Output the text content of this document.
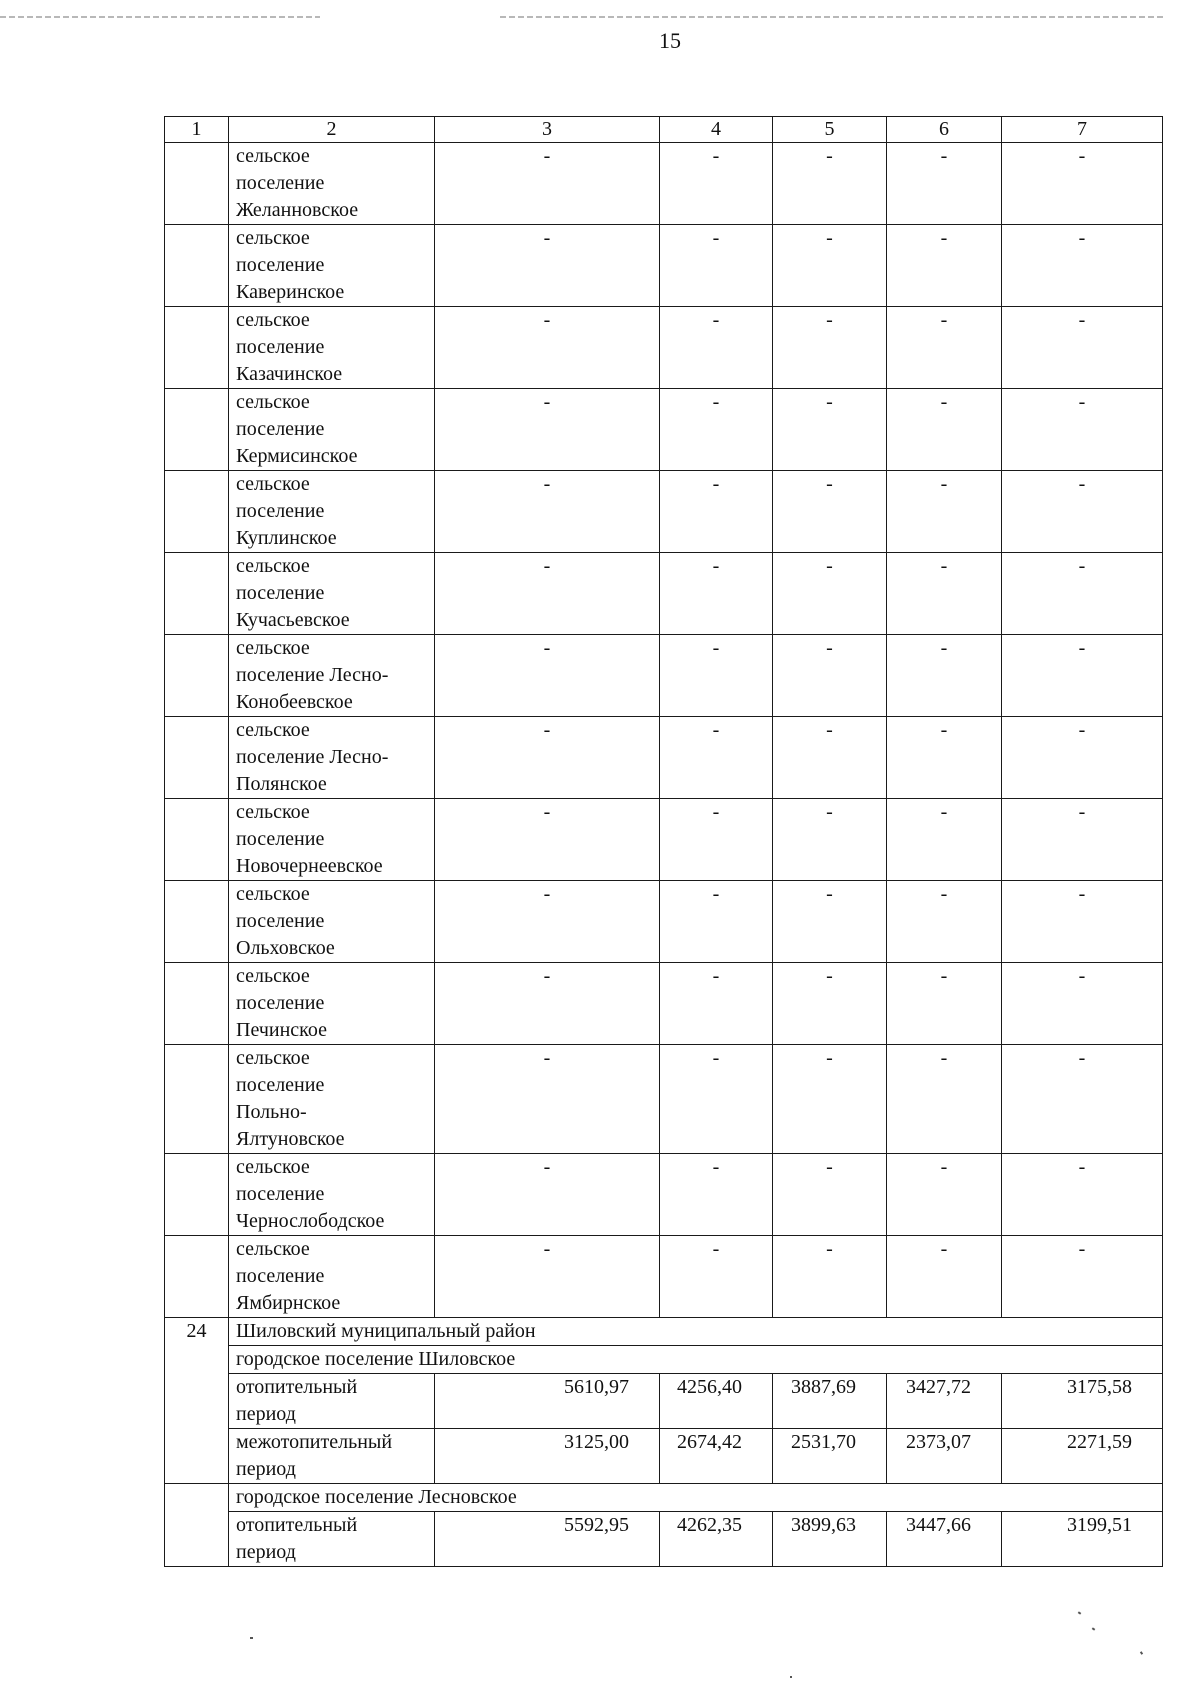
15
1	2	3	4	5	6	7

	сельское
поселение
Желанновское	-	-	-	-	-

	сельское
поселение
Каверинское	-	-	-	-	-

	сельское
поселение
Казачинское	-	-	-	-	-

	сельское
поселение
Кермисинское	-	-	-	-	-

	сельское
поселение
Куплинское	-	-	-	-	-

	сельское
поселение
Кучасьевское	-	-	-	-	-

	сельское
поселение Лесно-
Конобеевское	-	-	-	-	-

	сельское
поселение Лесно-
Полянское	-	-	-	-	-

	сельское
поселение
Новочернеевское	-	-	-	-	-

	сельское
поселение
Ольховское	-	-	-	-	-

	сельское
поселение
Печинское	-	-	-	-	-

	сельское
поселение
Польно-
Ялтуновское	-	-	-	-	-

	сельское
поселение
Чернослободское	-	-	-	-	-

	сельское
поселение
Ямбирнское	-	-	-	-	-
24	Шиловский муниципальный район					
	городское поселение Шиловское					

	отопительный
период	5610,97	4256,40	3887,69	3427,72	3175,58

	межотопительный
период	3125,00	2674,42	2531,70	2373,07	2271,59
	городское поселение Лесновское					

	отопительный
период	5592,95	4262,35	3899,63	3447,66	3199,51
